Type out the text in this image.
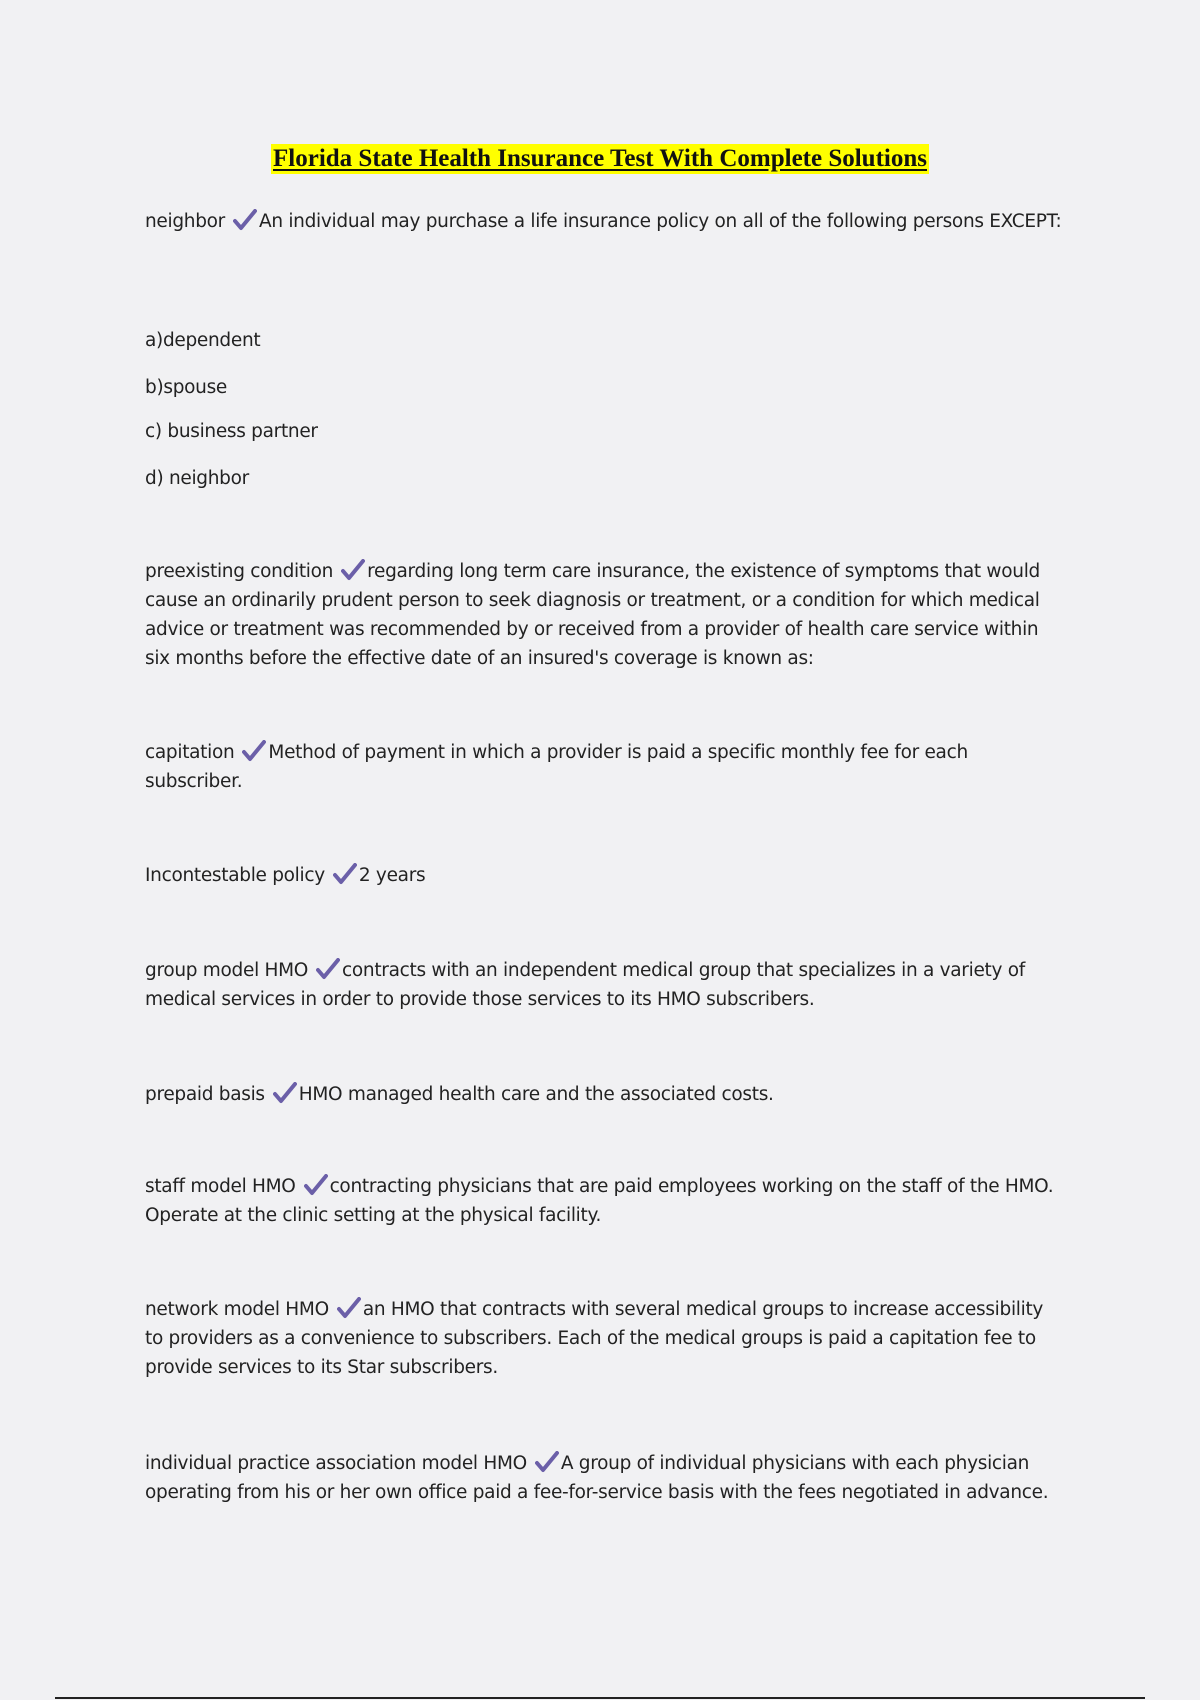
Florida State Health Insurance Test With Complete Solutions
neighbor An individual may purchase a life insurance policy on all of the following persons EXCEPT:
a)dependent
b)spouse
c) business partner
d) neighbor
preexisting condition regarding long term care insurance, the existence of symptoms that would cause an ordinarily prudent person to seek diagnosis or treatment, or a condition for which medical advice or treatment was recommended by or received from a provider of health care service within six months before the effective date of an insured's coverage is known as:
capitation Method of payment in which a provider is paid a specific monthly fee for each subscriber.
Incontestable policy 2 years
group model HMO contracts with an independent medical group that specializes in a variety of medical services in order to provide those services to its HMO subscribers.
prepaid basis HMO managed health care and the associated costs.
staff model HMO contracting physicians that are paid employees working on the staff of the HMO. Operate at the clinic setting at the physical facility.
network model HMO an HMO that contracts with several medical groups to increase accessibility to providers as a convenience to subscribers. Each of the medical groups is paid a capitation fee to provide services to its Star subscribers.
individual practice association model HMO A group of individual physicians with each physician operating from his or her own office paid a fee-for-service basis with the fees negotiated in advance.
